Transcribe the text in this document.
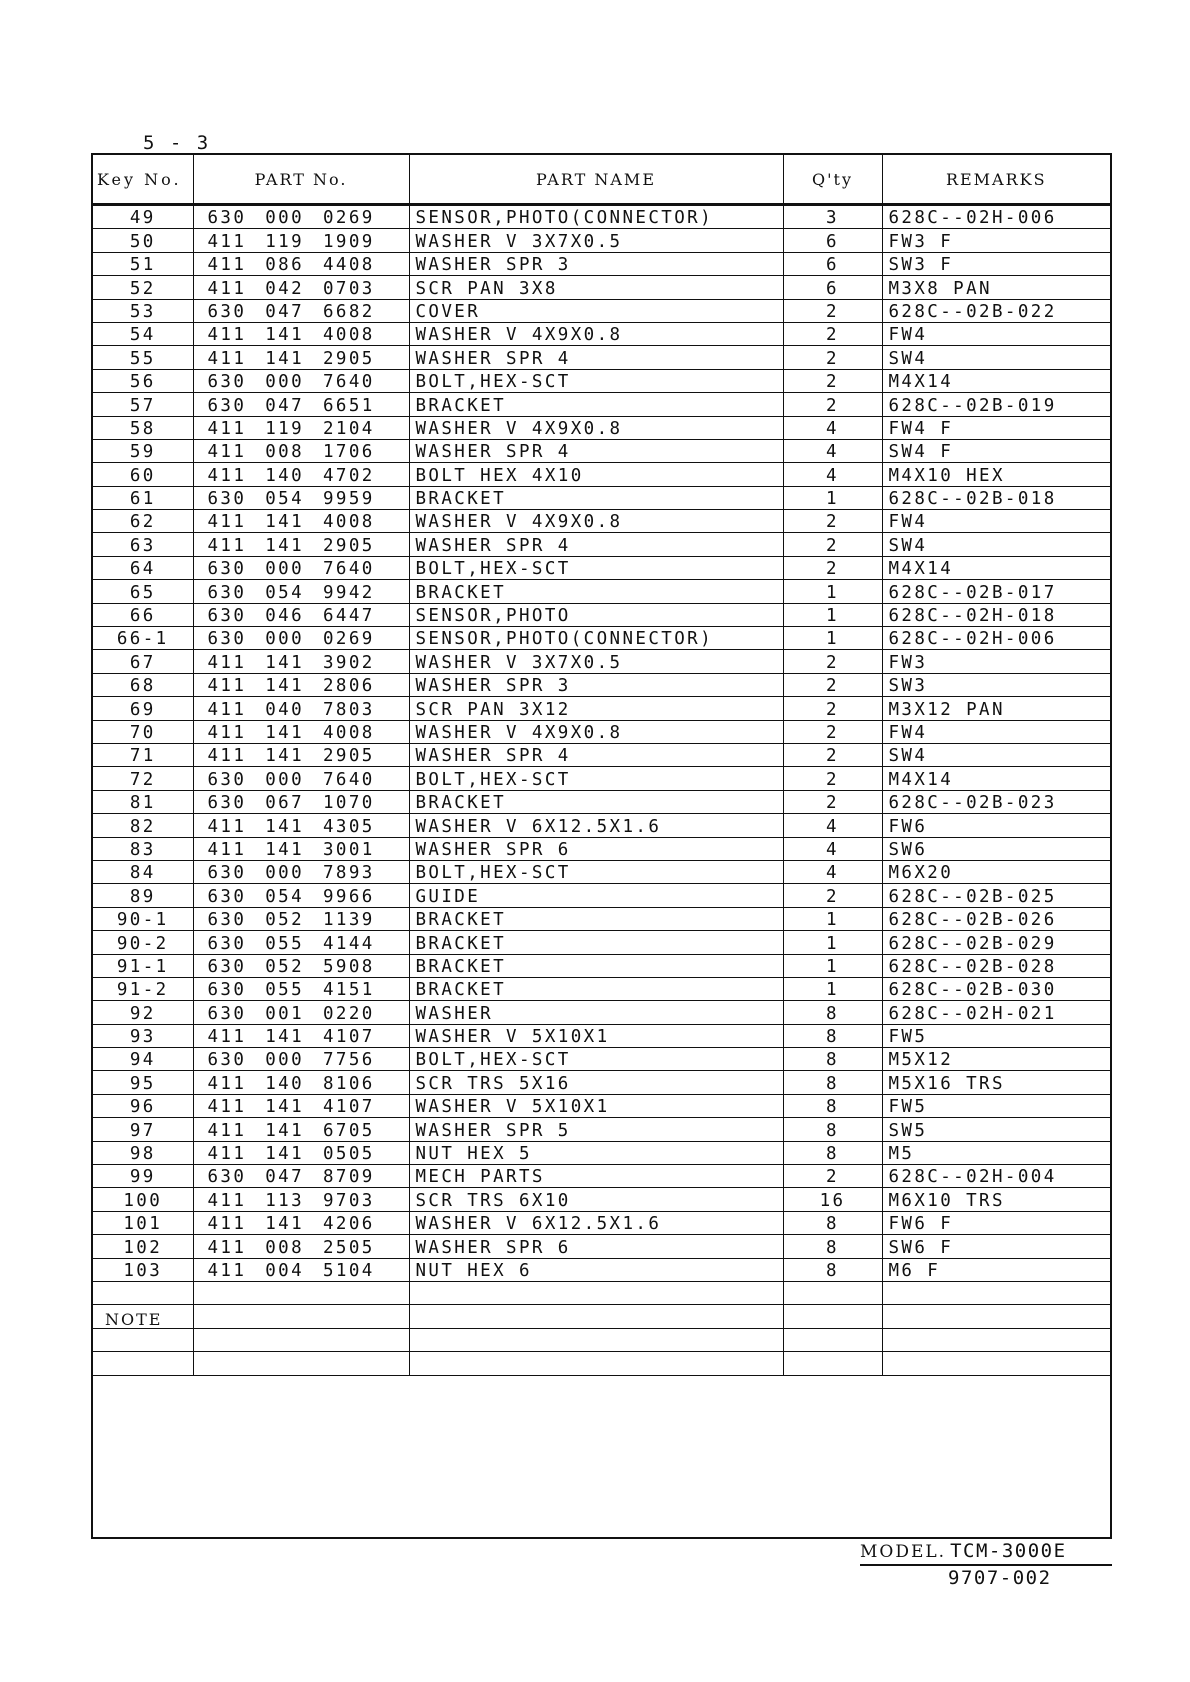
5 - 3
Key No.	PART No.	PART NAME	Q'ty	REMARKS
49	630 000 0269	SENSOR,PHOTO(CONNECTOR)	3	628C--02H-006
50	411 119 1909	WASHER V 3X7X0.5	6	FW3 F
51	411 086 4408	WASHER SPR 3	6	SW3 F
52	411 042 0703	SCR PAN 3X8	6	M3X8 PAN
53	630 047 6682	COVER	2	628C--02B-022
54	411 141 4008	WASHER V 4X9X0.8	2	FW4
55	411 141 2905	WASHER SPR 4	2	SW4
56	630 000 7640	BOLT,HEX-SCT	2	M4X14
57	630 047 6651	BRACKET	2	628C--02B-019
58	411 119 2104	WASHER V 4X9X0.8	4	FW4 F
59	411 008 1706	WASHER SPR 4	4	SW4 F
60	411 140 4702	BOLT HEX 4X10	4	M4X10 HEX
61	630 054 9959	BRACKET	1	628C--02B-018
62	411 141 4008	WASHER V 4X9X0.8	2	FW4
63	411 141 2905	WASHER SPR 4	2	SW4
64	630 000 7640	BOLT,HEX-SCT	2	M4X14
65	630 054 9942	BRACKET	1	628C--02B-017
66	630 046 6447	SENSOR,PHOTO	1	628C--02H-018
66-1	630 000 0269	SENSOR,PHOTO(CONNECTOR)	1	628C--02H-006
67	411 141 3902	WASHER V 3X7X0.5	2	FW3
68	411 141 2806	WASHER SPR 3	2	SW3
69	411 040 7803	SCR PAN 3X12	2	M3X12 PAN
70	411 141 4008	WASHER V 4X9X0.8	2	FW4
71	411 141 2905	WASHER SPR 4	2	SW4
72	630 000 7640	BOLT,HEX-SCT	2	M4X14
81	630 067 1070	BRACKET	2	628C--02B-023
82	411 141 4305	WASHER V 6X12.5X1.6	4	FW6
83	411 141 3001	WASHER SPR 6	4	SW6
84	630 000 7893	BOLT,HEX-SCT	4	M6X20
89	630 054 9966	GUIDE	2	628C--02B-025
90-1	630 052 1139	BRACKET	1	628C--02B-026
90-2	630 055 4144	BRACKET	1	628C--02B-029
91-1	630 052 5908	BRACKET	1	628C--02B-028
91-2	630 055 4151	BRACKET	1	628C--02B-030
92	630 001 0220	WASHER	8	628C--02H-021
93	411 141 4107	WASHER V 5X10X1	8	FW5
94	630 000 7756	BOLT,HEX-SCT	8	M5X12
95	411 140 8106	SCR TRS 5X16	8	M5X16 TRS
96	411 141 4107	WASHER V 5X10X1	8	FW5
97	411 141 6705	WASHER SPR 5	8	SW5
98	411 141 0505	NUT HEX 5	8	M5
99	630 047 8709	MECH PARTS	2	628C--02H-004
100	411 113 9703	SCR TRS 6X10	16	M6X10 TRS
101	411 141 4206	WASHER V 6X12.5X1.6	8	FW6 F
102	411 008 2505	WASHER SPR 6	8	SW6 F
103	411 004 5104	NUT HEX 6	8	M6 F

NOTE
MODEL. TCM-3000E
9707-002
